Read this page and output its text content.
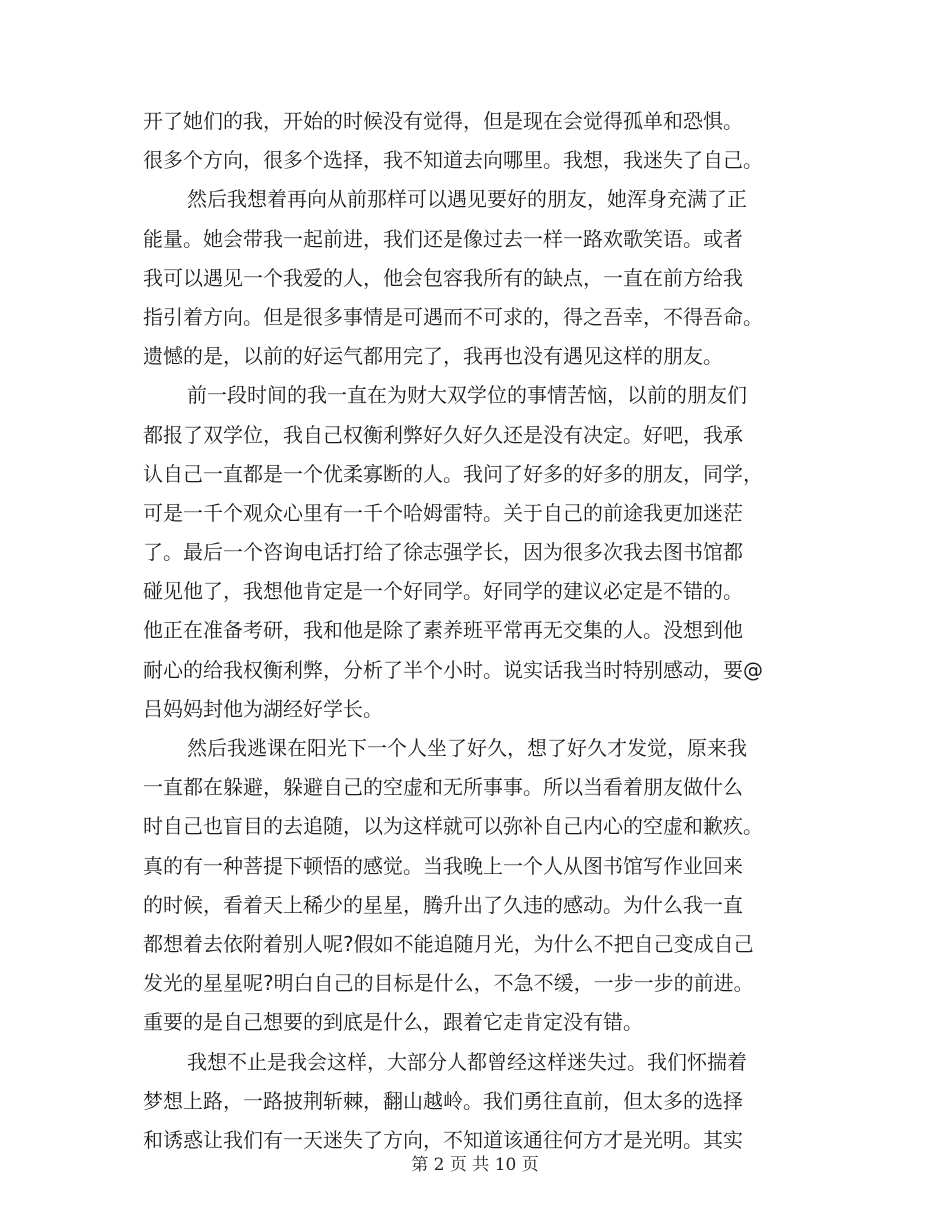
开了她们的我，开始的时候没有觉得，但是现在会觉得孤单和恐惧。
很多个方向，很多个选择，我不知道去向哪里。我想，我迷失了自己。
然后我想着再向从前那样可以遇见要好的朋友，她浑身充满了正
能量。她会带我一起前进，我们还是像过去一样一路欢歌笑语。或者
我可以遇见一个我爱的人，他会包容我所有的缺点，一直在前方给我
指引着方向。但是很多事情是可遇而不可求的，得之吾幸，不得吾命。
遗憾的是，以前的好运气都用完了，我再也没有遇见这样的朋友。
前一段时间的我一直在为财大双学位的事情苦恼，以前的朋友们
都报了双学位，我自己权衡利弊好久好久还是没有决定。好吧，我承
认自己一直都是一个优柔寡断的人。我问了好多的好多的朋友，同学，
可是一千个观众心里有一千个哈姆雷特。关于自己的前途我更加迷茫
了。最后一个咨询电话打给了徐志强学长，因为很多次我去图书馆都
碰见他了，我想他肯定是一个好同学。好同学的建议必定是不错的。
他正在准备考研，我和他是除了素养班平常再无交集的人。没想到他
耐心的给我权衡利弊，分析了半个小时。说实话我当时特别感动，要@
吕妈妈封他为湖经好学长。
然后我逃课在阳光下一个人坐了好久，想了好久才发觉，原来我
一直都在躲避，躲避自己的空虚和无所事事。所以当看着朋友做什么
时自己也盲目的去追随，以为这样就可以弥补自己内心的空虚和歉疚。
真的有一种菩提下顿悟的感觉。当我晚上一个人从图书馆写作业回来
的时候，看着天上稀少的星星，腾升出了久违的感动。为什么我一直
都想着去依附着别人呢?假如不能追随月光，为什么不把自己变成自己
发光的星星呢?明白自己的目标是什么，不急不缓，一步一步的前进。
重要的是自己想要的到底是什么，跟着它走肯定没有错。
我想不止是我会这样，大部分人都曾经这样迷失过。我们怀揣着
梦想上路，一路披荆斩棘，翻山越岭。我们勇往直前，但太多的选择
和诱惑让我们有一天迷失了方向，不知道该通往何方才是光明。其实
第 2 页 共 10 页
